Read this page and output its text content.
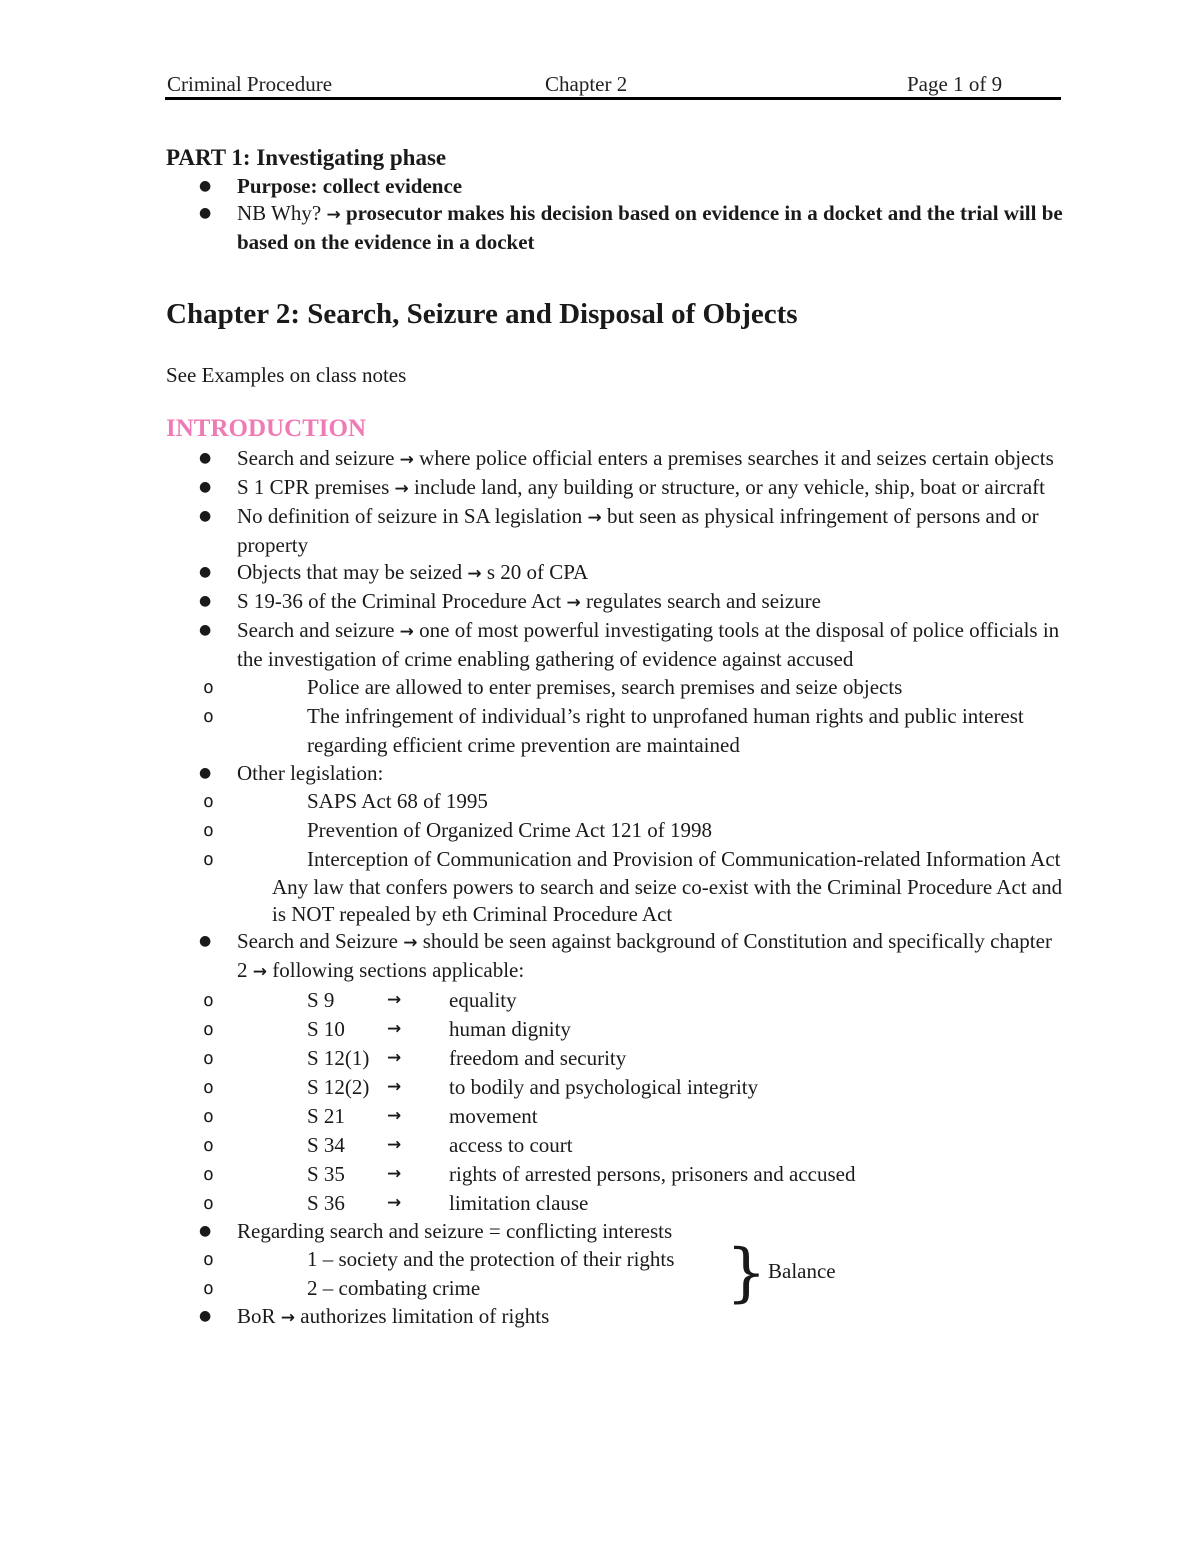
Criminal Procedure	Chapter 2	Page 1 of 9

PART 1: Investigating phase

● Purpose: collect evidence
● NB Why? → prosecutor makes his decision based on evidence in a docket and the trial will be based on the evidence in a docket
Chapter 2: Search, Seizure and Disposal of Objects

See Examples on class notes

INTRODUCTION
● Search and seizure → where police official enters a premises searches it and seizes certain objects
● S 1 CPR premises → include land, any building or structure, or any vehicle, ship, boat or aircraft
● No definition of seizure in SA legislation → but seen as physical infringement of persons and or property
● Objects that may be seized → s 20 of CPA
● S 19-36 of the Criminal Procedure Act → regulates search and seizure
● Search and seizure → one of most powerful investigating tools at the disposal of police officials in the investigation of crime enabling gathering of evidence against accused
o Police are allowed to enter premises, search premises and seize objects
o The infringement of individual’s right to unprofaned human rights and public interest regarding efficient crime prevention are maintained
● Other legislation:
o SAPS Act 68 of 1995
o Prevention of Organized Crime Act 121 of 1998
o Interception of Communication and Provision of Communication-related Information Act
Any law that confers powers to search and seize co-exist with the Criminal Procedure Act and is NOT repealed by eth Criminal Procedure Act
● Search and Seizure → should be seen against background of Constitution and specifically chapter 2 → following sections applicable:
o S 9	→	equality
o S 10	→	human dignity
o S 12(1)	→	freedom and security
o S 12(2)	→	to bodily and psychological integrity
o S 21	→	movement
o S 34	→	access to court
o S 35	→	rights of arrested persons, prisoners and accused
o S 36	→	limitation clause
● Regarding search and seizure = conflicting interests
o 1 – society and the protection of their rights
o 2 – combating crime	} Balance
● BoR → authorizes limitation of rights
